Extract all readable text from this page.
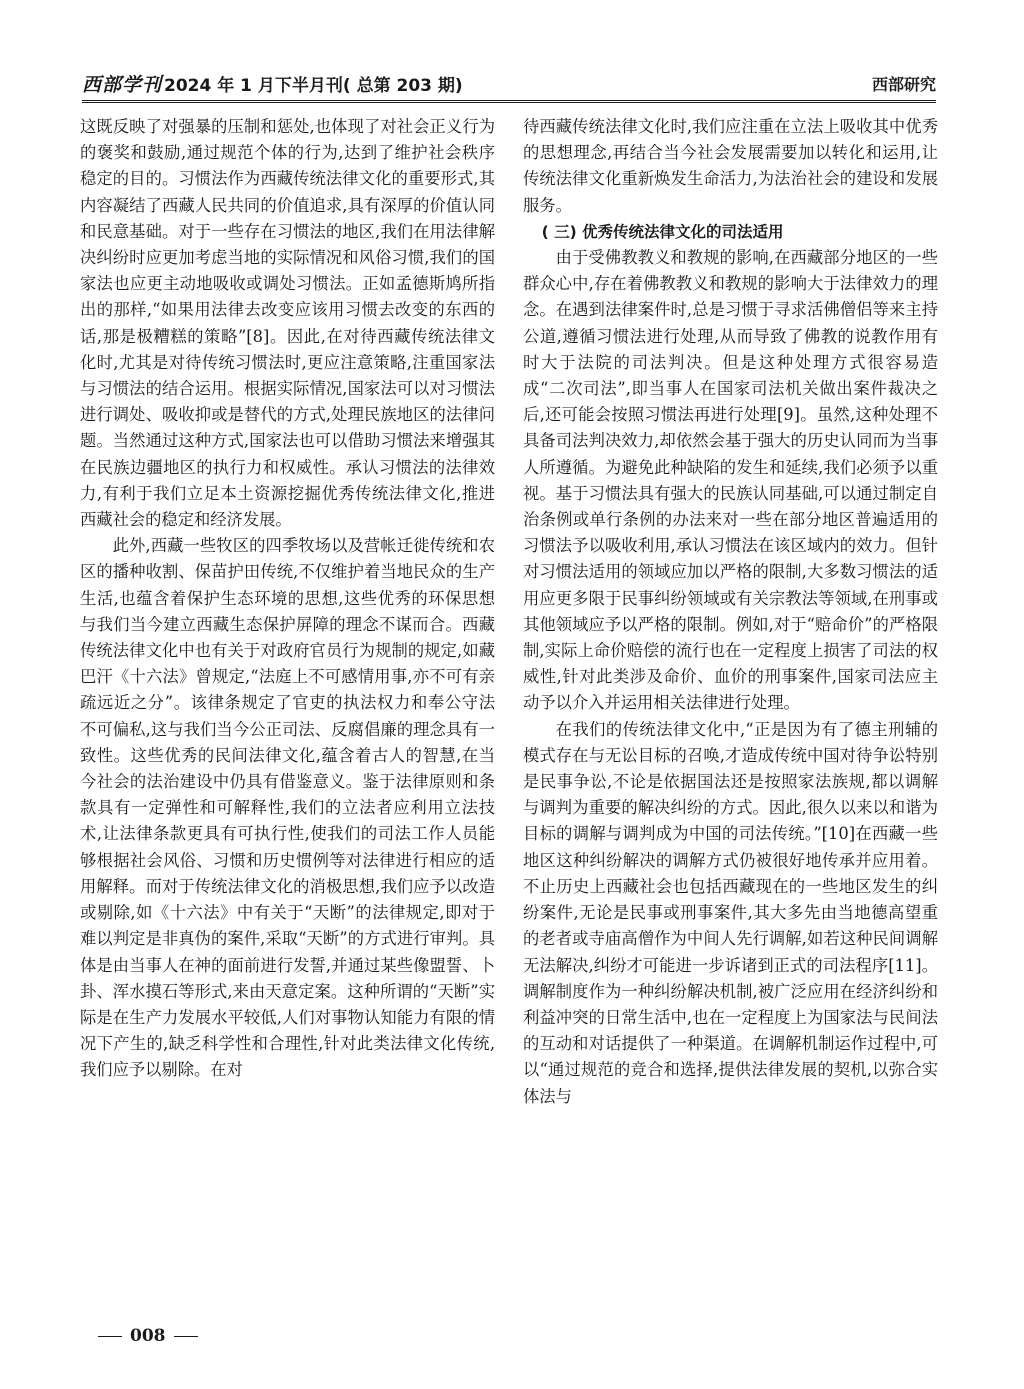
西部学刊 2024 年 1 月下半月刊( 总第 203 期)	西部研究

这既反映了对强暴的压制和惩处,也体现了对社会正义行为的褒奖和鼓励,通过规范个体的行为,达到了维护社会秩序稳定的目的。习惯法作为西藏传统法律文化的重要形式,其内容凝结了西藏人民共同的价值追求,具有深厚的价值认同和民意基础。对于一些存在习惯法的地区,我们在用法律解决纠纷时应更加考虑当地的实际情况和风俗习惯,我们的国家法也应更主动地吸收或调处习惯法。正如孟德斯鸠所指出的那样,“如果用法律去改变应该用习惯去改变的东西的话,那是极糟糕的策略”[8]。因此,在对待西藏传统法律文化时,尤其是对待传统习惯法时,更应注意策略,注重国家法与习惯法的结合运用。根据实际情况,国家法可以对习惯法进行调处、吸收抑或是替代的方式,处理民族地区的法律问题。当然通过这种方式,国家法也可以借助习惯法来增强其在民族边疆地区的执行力和权威性。承认习惯法的法律效力,有利于我们立足本土资源挖掘优秀传统法律文化,推进西藏社会的稳定和经济发展。

此外,西藏一些牧区的四季牧场以及营帐迁徙传统和农区的播种收割、保苗护田传统,不仅维护着当地民众的生产生活,也蕴含着保护生态环境的思想,这些优秀的环保思想与我们当今建立西藏生态保护屏障的理念不谋而合。西藏传统法律文化中也有关于对政府官员行为规制的规定,如藏巴汗《十六法》曾规定,“法庭上不可感情用事,亦不可有亲疏远近之分”。该律条规定了官吏的执法权力和奉公守法不可偏私,这与我们当今公正司法、反腐倡廉的理念具有一致性。这些优秀的民间法律文化,蕴含着古人的智慧,在当今社会的法治建设中仍具有借鉴意义。鉴于法律原则和条款具有一定弹性和可解释性,我们的立法者应利用立法技术,让法律条款更具有可执行性,使我们的司法工作人员能够根据社会风俗、习惯和历史惯例等对法律进行相应的适用解释。而对于传统法律文化的消极思想,我们应予以改造或剔除,如《十六法》中有关于“天断”的法律规定,即对于难以判定是非真伪的案件,采取“天断”的方式进行审判。具体是由当事人在神的面前进行发誓,并通过某些像盟誓、卜卦、浑水摸石等形式,来由天意定案。这种所谓的“天断”实际是在生产力发展水平较低,人们对事物认知能力有限的情况下产生的,缺乏科学性和合理性,针对此类法律文化传统,我们应予以剔除。在对

待西藏传统法律文化时,我们应注重在立法上吸收其中优秀的思想理念,再结合当今社会发展需要加以转化和运用,让传统法律文化重新焕发生命活力,为法治社会的建设和发展服务。

( 三) 优秀传统法律文化的司法适用

由于受佛教教义和教规的影响,在西藏部分地区的一些群众心中,存在着佛教教义和教规的影响大于法律效力的理念。在遇到法律案件时,总是习惯于寻求活佛僧侣等来主持公道,遵循习惯法进行处理,从而导致了佛教的说教作用有时大于法院的司法判决。但是这种处理方式很容易造成“二次司法”,即当事人在国家司法机关做出案件裁决之后,还可能会按照习惯法再进行处理[9]。虽然,这种处理不具备司法判决效力,却依然会基于强大的历史认同而为当事人所遵循。为避免此种缺陷的发生和延续,我们必须予以重视。基于习惯法具有强大的民族认同基础,可以通过制定自治条例或单行条例的办法来对一些在部分地区普遍适用的习惯法予以吸收利用,承认习惯法在该区域内的效力。但针对习惯法适用的领域应加以严格的限制,大多数习惯法的适用应更多限于民事纠纷领域或有关宗教法等领域,在刑事或其他领域应予以严格的限制。例如,对于“赔命价”的严格限制,实际上命价赔偿的流行也在一定程度上损害了司法的权威性,针对此类涉及命价、血价的刑事案件,国家司法应主动予以介入并运用相关法律进行处理。

在我们的传统法律文化中,“正是因为有了德主刑辅的模式存在与无讼目标的召唤,才造成传统中国对待争讼特别是民事争讼,不论是依据国法还是按照家法族规,都以调解与调判为重要的解决纠纷的方式。因此,很久以来以和谐为目标的调解与调判成为中国的司法传统。”[10]在西藏一些地区这种纠纷解决的调解方式仍被很好地传承并应用着。不止历史上西藏社会也包括西藏现在的一些地区发生的纠纷案件,无论是民事或刑事案件,其大多先由当地德高望重的老者或寺庙高僧作为中间人先行调解,如若这种民间调解无法解决,纠纷才可能进一步诉诸到正式的司法程序[11]。调解制度作为一种纠纷解决机制,被广泛应用在经济纠纷和利益冲突的日常生活中,也在一定程度上为国家法与民间法的互动和对话提供了一种渠道。在调解机制运作过程中,可以“通过规范的竞合和选择,提供法律发展的契机,以弥合实体法与

008
